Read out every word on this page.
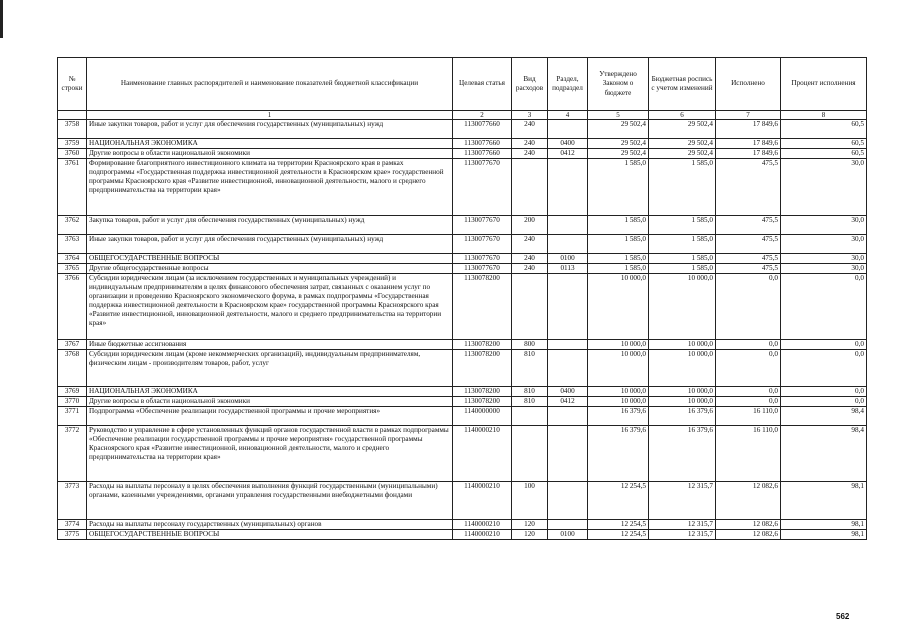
№ строки	Наименование главных распорядителей и наименование показателей бюджетной классификации	Целевая статья	Вид расходов	Раздел, подраздел	Утверждено Законом о бюджете	Бюджетная роспись с учетом изменений	Исполнено	Процент исполнения
	1	2	3	4	5	6	7	8
3758	Иные закупки товаров, работ и услуг для обеспечения государственных (муниципальных) нужд	1130077660	240		29 502,4	29 502,4	17 849,6	60,5
3759	НАЦИОНАЛЬНАЯ ЭКОНОМИКА	1130077660	240	0400	29 502,4	29 502,4	17 849,6	60,5
3760	Другие вопросы в области национальной экономики	1130077660	240	0412	29 502,4	29 502,4	17 849,6	60,5
3761	Формирование благоприятного инвестиционного климата на территории Красноярского края в рамках подпрограммы «Государственная поддержка инвестиционной деятельности в Красноярском крае» государственной программы Красноярского края «Развитие инвестиционной, инновационной деятельности, малого и среднего предпринимательства на территории края»	1130077670			1 585,0	1 585,0	475,5	30,0
3762	Закупка товаров, работ и услуг для обеспечения государственных (муниципальных) нужд	1130077670	200		1 585,0	1 585,0	475,5	30,0
3763	Иные закупки товаров, работ и услуг для обеспечения государственных (муниципальных) нужд	1130077670	240		1 585,0	1 585,0	475,5	30,0
3764	ОБЩЕГОСУДАРСТВЕННЫЕ ВОПРОСЫ	1130077670	240	0100	1 585,0	1 585,0	475,5	30,0
3765	Другие общегосударственные вопросы	1130077670	240	0113	1 585,0	1 585,0	475,5	30,0
3766	Субсидии юридическим лицам (за исключением государственных и муниципальных учреждений) и индивидуальным предпринимателям в целях финансового обеспечения затрат, связанных с оказанием услуг по организации и проведению Красноярского экономического форума, в рамках подпрограммы «Государственная поддержка инвестиционной деятельности в Красноярском крае» государственной программы Красноярского края «Развитие инвестиционной, инновационной деятельности, малого и среднего предпринимательства на территории края»	1130078200			10 000,0	10 000,0	0,0	0,0
3767	Иные бюджетные ассигнования	1130078200	800		10 000,0	10 000,0	0,0	0,0
3768	Субсидии юридическим лицам (кроме некоммерческих организаций), индивидуальным предпринимателям, физическим лицам - производителям товаров, работ, услуг	1130078200	810		10 000,0	10 000,0	0,0	0,0
3769	НАЦИОНАЛЬНАЯ ЭКОНОМИКА	1130078200	810	0400	10 000,0	10 000,0	0,0	0,0
3770	Другие вопросы в области национальной экономики	1130078200	810	0412	10 000,0	10 000,0	0,0	0,0
3771	Подпрограмма «Обеспечение реализации государственной программы и прочие мероприятия»	1140000000			16 379,6	16 379,6	16 110,0	98,4
3772	Руководство и управление в сфере установленных функций органов государственной власти в рамках подпрограммы «Обеспечение реализации государственной программы и прочие мероприятия» государственной программы Красноярского края «Развитие инвестиционной, инновационной деятельности, малого и среднего предпринимательства на территории края»	1140000210			16 379,6	16 379,6	16 110,0	98,4
3773	Расходы на выплаты персоналу в целях обеспечения выполнения функций государственными (муниципальными) органами, казенными учреждениями, органами управления государственными внебюджетными фондами	1140000210	100		12 254,5	12 315,7	12 082,6	98,1
3774	Расходы на выплаты персоналу государственных (муниципальных) органов	1140000210	120		12 254,5	12 315,7	12 082,6	98,1
3775	ОБЩЕГОСУДАРСТВЕННЫЕ ВОПРОСЫ	1140000210	120	0100	12 254,5	12 315,7	12 082,6	98,1
562
